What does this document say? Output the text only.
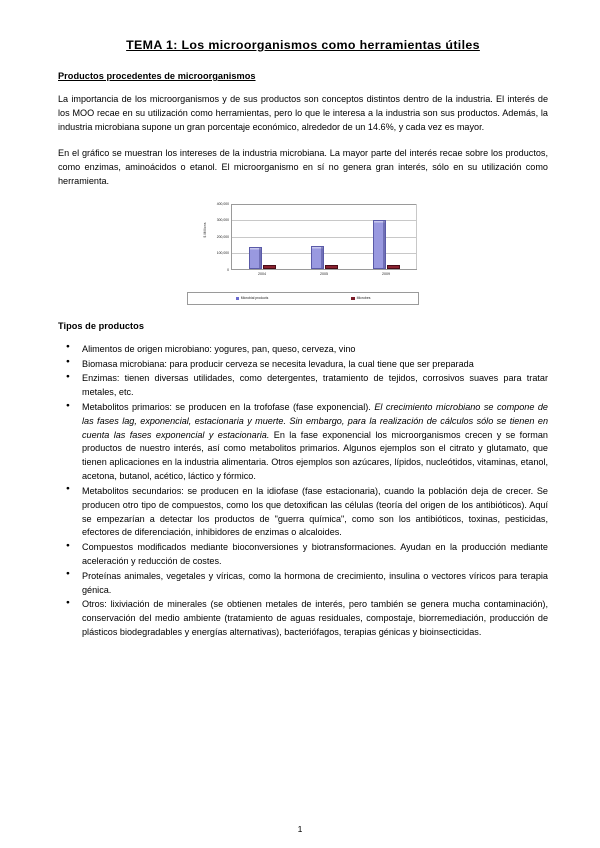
TEMA 1: Los microorganismos como herramientas útiles
Productos procedentes de microorganismos

La importancia de los microorganismos y de sus productos son conceptos distintos dentro de la industria. El interés de los MOO recae en su utilización como herramientas, pero lo que le interesa a la industria son sus productos. Además, la industria microbiana supone un gran porcentaje económico, alrededor de un 14.6%, y cada vez es mayor.

En el gráfico se muestran los intereses de la industria microbiana. La mayor parte del interés recae sobre los productos, como enzimas, aminoácidos o etanol. El microorganismo en sí no genera gran interés, sólo en su utilización como herramienta.

$ Millions
400,000
300,000
200,000
100,000
0
2004	2005	2009
Microbial products	Microbes
Tipos de productos
● Alimentos de origen microbiano: yogures, pan, queso, cerveza, vino
● Biomasa microbiana: para producir cerveza se necesita levadura, la cual tiene que ser preparada
● Enzimas: tienen diversas utilidades, como detergentes, tratamiento de tejidos, corrosivos suaves para tratar metales, etc.
● Metabolitos primarios: se producen en la trofofase (fase exponencial). El crecimiento microbiano se compone de las fases lag, exponencial, estacionaria y muerte. Sin embargo, para la realización de cálculos sólo se tienen en cuenta las fases exponencial y estacionaria. En la fase exponencial los microorganismos crecen y se forman productos de nuestro interés, así como metabolitos primarios. Algunos ejemplos son el citrato y glutamato, que tienen aplicaciones en la industria alimentaria. Otros ejemplos son azúcares, lípidos, nucleótidos, vitaminas, etanol, acetona, butanol, acético, láctico y fórmico.
● Metabolitos secundarios: se producen en la idiofase (fase estacionaria), cuando la población deja de crecer. Se producen otro tipo de compuestos, como los que detoxifican las células (teoría del origen de los antibióticos). Aquí se empezarían a detectar los productos de "guerra química", como son los antibióticos, toxinas, pesticidas, efectores de diferenciación, inhibidores de enzimas o alcaloides.
● Compuestos modificados mediante bioconversiones y biotransformaciones. Ayudan en la producción mediante aceleración y reducción de costes.
● Proteínas animales, vegetales y víricas, como la hormona de crecimiento, insulina o vectores víricos para terapia génica.
● Otros: lixiviación de minerales (se obtienen metales de interés, pero también se genera mucha contaminación), conservación del medio ambiente (tratamiento de aguas residuales, compostaje, biorremediación, producción de plásticos biodegradables y energías alternativas), bacteriófagos, terapias génicas y bioinsecticidas.
1
